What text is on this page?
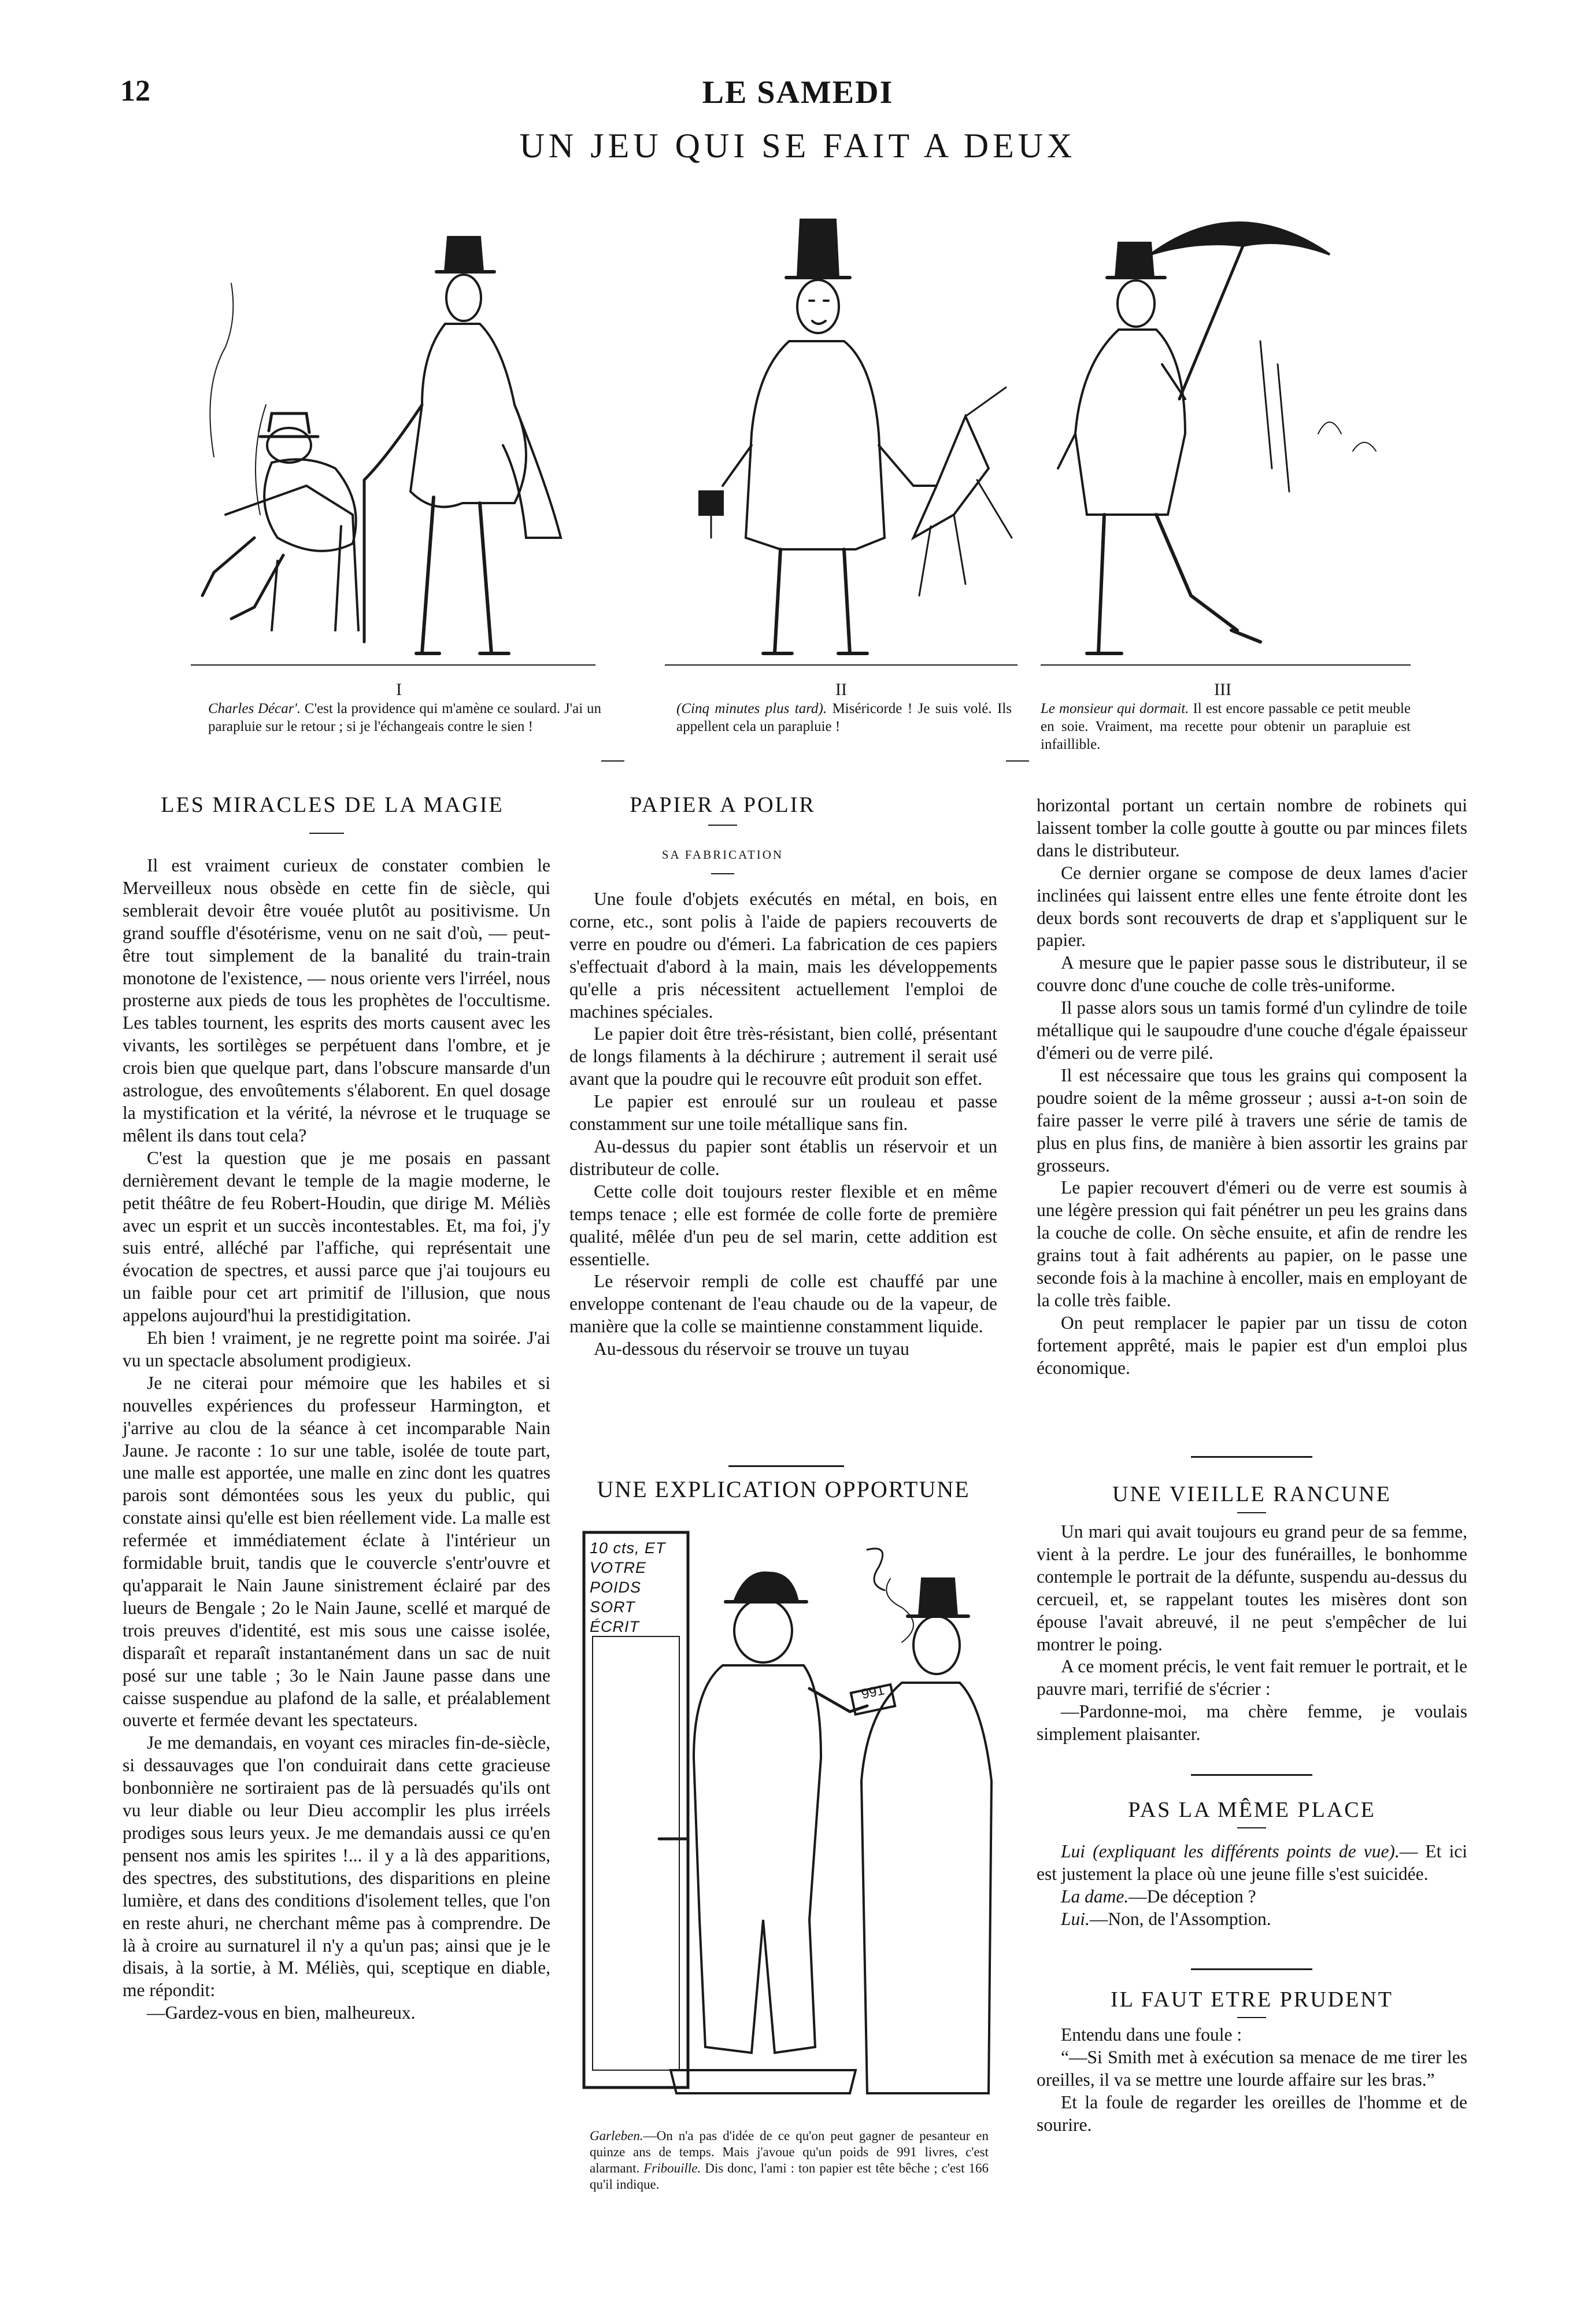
12	LE SAMEDI
UN JEU QUI SE FAIT A DEUX
I	II	III
Charles Décar'. C'est la providence qui m'amène ce soulard. J'ai un parapluie sur le retour ; si je l'échangeais contre le sien !
(Cinq minutes plus tard). Miséricorde ! Je suis volé. Ils appellent cela un parapluie !
Le monsieur qui dormait. Il est encore passable ce petit meuble en soie. Vraiment, ma recette pour obtenir un parapluie est infaillible.
LES MIRACLES DE LA MAGIE

Il est vraiment curieux de constater combien le Merveilleux nous obsède en cette fin de siècle, qui semblerait devoir être vouée plutôt au positivisme. Un grand souffle d'ésotérisme, venu on ne sait d'où, — peut-être tout simplement de la banalité du train-train monotone de l'existence, — nous oriente vers l'irréel, nous prosterne aux pieds de tous les prophètes de l'occultisme. Les tables tournent, les esprits des morts causent avec les vivants, les sortilèges se perpétuent dans l'ombre, et je crois bien que quelque part, dans l'obscure mansarde d'un astrologue, des envoûtements s'élaborent. En quel dosage la mystification et la vérité, la névrose et le truquage se mêlent ils dans tout cela?

C'est la question que je me posais en passant dernièrement devant le temple de la magie moderne, le petit théâtre de feu Robert-Houdin, que dirige M. Méliès avec un esprit et un succès incontestables. Et, ma foi, j'y suis entré, alléché par l'affiche, qui représentait une évocation de spectres, et aussi parce que j'ai toujours eu un faible pour cet art primitif de l'illusion, que nous appelons aujourd'hui la prestidigitation.

Eh bien ! vraiment, je ne regrette point ma soirée. J'ai vu un spectacle absolument prodigieux.

Je ne citerai pour mémoire que les habiles et si nouvelles expériences du professeur Harmington, et j'arrive au clou de la séance à cet incomparable Nain Jaune. Je raconte : 1o sur une table, isolée de toute part, une malle est apportée, une malle en zinc dont les quatres parois sont démontées sous les yeux du public, qui constate ainsi qu'elle est bien réellement vide. La malle est refermée et immédiatement éclate à l'intérieur un formidable bruit, tandis que le couvercle s'entr'ouvre et qu'apparait le Nain Jaune sinistrement éclairé par des lueurs de Bengale ; 2o le Nain Jaune, scellé et marqué de trois preuves d'identité, est mis sous une caisse isolée, disparaît et reparaît instantanément dans un sac de nuit posé sur une table ; 3o le Nain Jaune passe dans une caisse suspendue au plafond de la salle, et préalablement ouverte et fermée devant les spectateurs.

Je me demandais, en voyant ces miracles fin-de-siècle, si dessauvages que l'on conduirait dans cette gracieuse bonbonnière ne sortiraient pas de là persuadés qu'ils ont vu leur diable ou leur Dieu accomplir les plus irréels prodiges sous leurs yeux. Je me demandais aussi ce qu'en pensent nos amis les spirites !... il y a là des apparitions, des spectres, des substitutions, des disparitions en pleine lumière, et dans des conditions d'isolement telles, que l'on en reste ahuri, ne cherchant même pas à comprendre. De là à croire au surnaturel il n'y a qu'un pas; ainsi que je le disais, à la sortie, à M. Méliès, qui, sceptique en diable, me répondit:

—Gardez-vous en bien, malheureux.

PAPIER A POLIR
SA FABRICATION

Une foule d'objets exécutés en métal, en bois, en corne, etc., sont polis à l'aide de papiers recouverts de verre en poudre ou d'émeri. La fabrication de ces papiers s'effectuait d'abord à la main, mais les développements qu'elle a pris nécessitent actuellement l'emploi de machines spéciales.

Le papier doit être très-résistant, bien collé, présentant de longs filaments à la déchirure ; autrement il serait usé avant que la poudre qui le recouvre eût produit son effet.

Le papier est enroulé sur un rouleau et passe constamment sur une toile métallique sans fin.

Au-dessus du papier sont établis un réservoir et un distributeur de colle.

Cette colle doit toujours rester flexible et en même temps tenace ; elle est formée de colle forte de première qualité, mêlée d'un peu de sel marin, cette addition est essentielle.

Le réservoir rempli de colle est chauffé par une enveloppe contenant de l'eau chaude ou de la vapeur, de manière que la colle se maintienne constamment liquide.

Au-dessous du réservoir se trouve un tuyau

UNE EXPLICATION OPPORTUNE
10 cts, ET
VOTRE POIDS
SORT ÉCRIT
991
Garleben.—On n'a pas d'idée de ce qu'on peut gagner de pesanteur en quinze ans de temps. Mais j'avoue qu'un poids de 991 livres, c'est alarmant. Fribouille. Dis donc, l'ami : ton papier est tête bêche ; c'est 166 qu'il indique.

horizontal portant un certain nombre de robinets qui laissent tomber la colle goutte à goutte ou par minces filets dans le distributeur.

Ce dernier organe se compose de deux lames d'acier inclinées qui laissent entre elles une fente étroite dont les deux bords sont recouverts de drap et s'appliquent sur le papier.

A mesure que le papier passe sous le distributeur, il se couvre donc d'une couche de colle très-uniforme.

Il passe alors sous un tamis formé d'un cylindre de toile métallique qui le saupoudre d'une couche d'égale épaisseur d'émeri ou de verre pilé.

Il est nécessaire que tous les grains qui composent la poudre soient de la même grosseur ; aussi a-t-on soin de faire passer le verre pilé à travers une série de tamis de plus en plus fins, de manière à bien assortir les grains par grosseurs.

Le papier recouvert d'émeri ou de verre est soumis à une légère pression qui fait pénétrer un peu les grains dans la couche de colle. On sèche ensuite, et afin de rendre les grains tout à fait adhérents au papier, on le passe une seconde fois à la machine à encoller, mais en employant de la colle très faible.

On peut remplacer le papier par un tissu de coton fortement apprêté, mais le papier est d'un emploi plus économique.

UNE VIEILLE RANCUNE

Un mari qui avait toujours eu grand peur de sa femme, vient à la perdre. Le jour des funérailles, le bonhomme contemple le portrait de la défunte, suspendu au-dessus du cercueil, et, se rappelant toutes les misères dont son épouse l'avait abreuvé, il ne peut s'empêcher de lui montrer le poing.

A ce moment précis, le vent fait remuer le portrait, et le pauvre mari, terrifié de s'écrier :

—Pardonne-moi, ma chère femme, je voulais simplement plaisanter.

PAS LA MÊME PLACE

Lui (expliquant les différents points de vue).— Et ici est justement la place où une jeune fille s'est suicidée.

La dame.—De déception ?

Lui.—Non, de l'Assomption.

IL FAUT ETRE PRUDENT

Entendu dans une foule :

“—Si Smith met à exécution sa menace de me tirer les oreilles, il va se mettre une lourde affaire sur les bras.”

Et la foule de regarder les oreilles de l'homme et de sourire.
